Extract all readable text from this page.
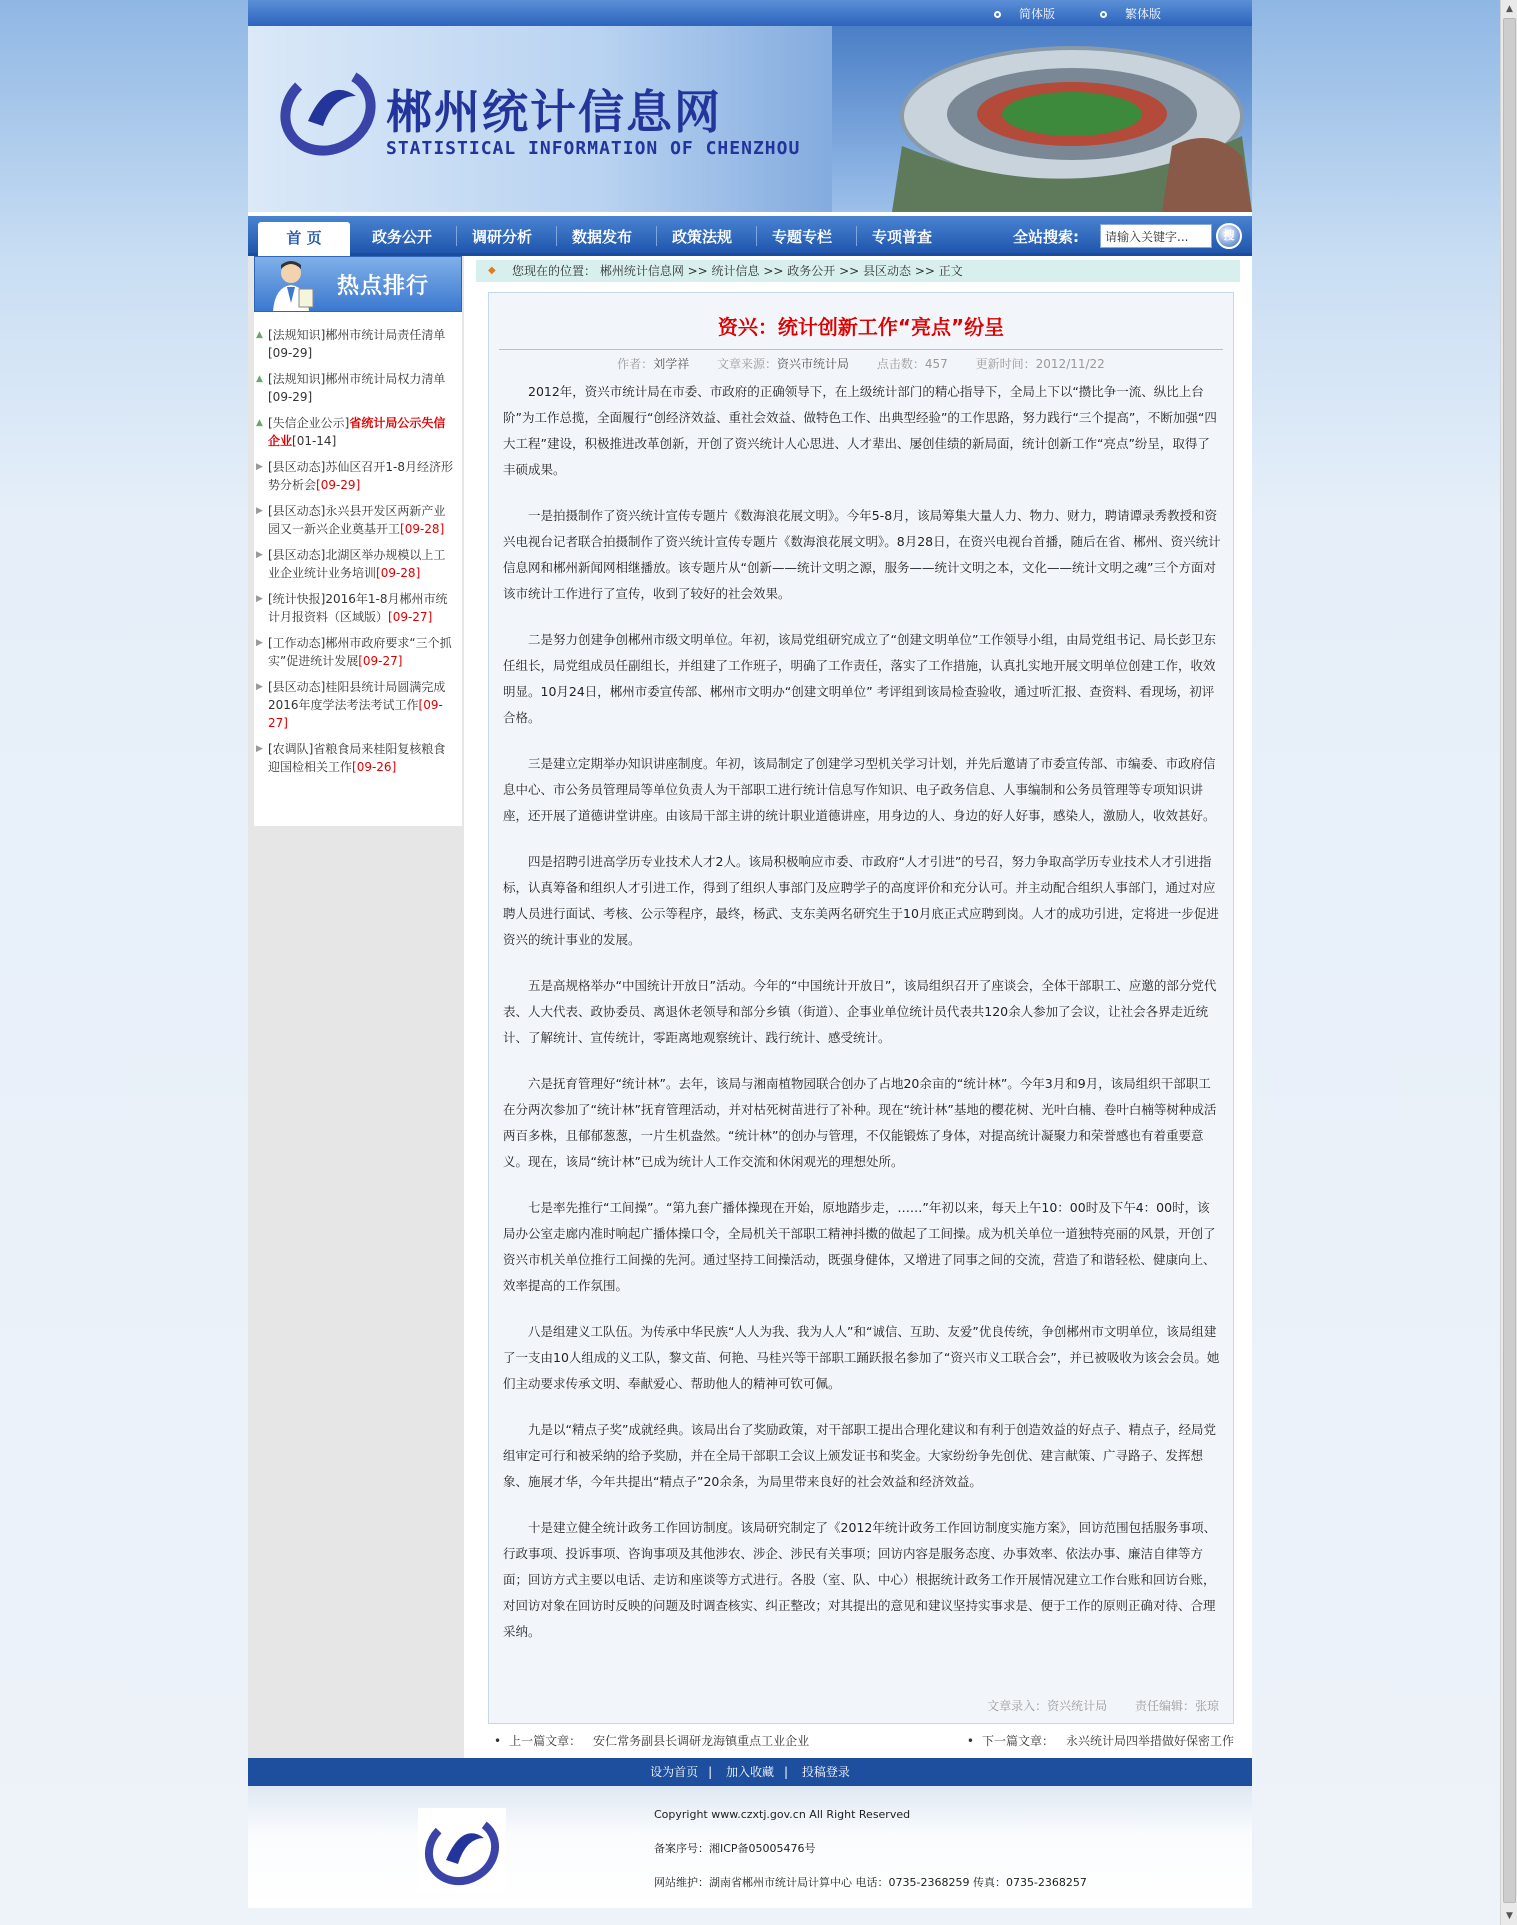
▲
▼
简体版	繁体版
郴州统计信息网
STATISTICAL INFORMATION OF CHENZHOU
首 页	政务公开	调研分析	数据发布	政策法规	专题专栏	专项普查	全站搜索:
请输入关键字...	搜
热点排行
▲ [法规知识]郴州市统计局责任清单[09-29]
▲ [法规知识]郴州市统计局权力清单[09-29]
▲ [失信企业公示]省统计局公示失信企业[01-14]
▶ [县区动态]苏仙区召开1-8月经济形势分析会[09-29]
▶ [县区动态]永兴县开发区两新产业园又一新兴企业奠基开工[09-28]
▶ [县区动态]北湖区举办规模以上工业企业统计业务培训[09-28]
▶ [统计快报]2016年1-8月郴州市统计月报资料（区域版）[09-27]
▶ [工作动态]郴州市政府要求“三个抓实”促进统计发展[09-27]
▶ [县区动态]桂阳县统计局圆满完成2016年度学法考法考试工作[09-27]
▶ [农调队]省粮食局来桂阳复核粮食迎国检相关工作[09-26]
◆ 您现在的位置： 郴州统计信息网 >> 统计信息 >> 政务公开 >> 县区动态 >> 正文
资兴：统计创新工作“亮点”纷呈
作者：刘学祥 文章来源：资兴市统计局 点击数：457 更新时间：2012/11/22

2012年，资兴市统计局在市委、市政府的正确领导下，在上级统计部门的精心指导下，全局上下以“攒比争一流、纵比上台阶”为工作总揽，全面履行“创经济效益、重社会效益、做特色工作、出典型经验”的工作思路，努力践行“三个提高”，不断加强“四大工程”建设，积极推进改革创新，开创了资兴统计人心思进、人才辈出、屡创佳绩的新局面，统计创新工作“亮点”纷呈，取得了丰硕成果。

一是拍摄制作了资兴统计宣传专题片《数海浪花展文明》。今年5-8月，该局筹集大量人力、物力、财力，聘请谭录秀教授和资兴电视台记者联合拍摄制作了资兴统计宣传专题片《数海浪花展文明》。8月28日，在资兴电视台首播，随后在省、郴州、资兴统计信息网和郴州新闻网相继播放。该专题片从“创新——统计文明之源，服务——统计文明之本，文化——统计文明之魂”三个方面对该市统计工作进行了宣传，收到了较好的社会效果。

二是努力创建争创郴州市级文明单位。年初，该局党组研究成立了“创建文明单位”工作领导小组，由局党组书记、局长彭卫东任组长，局党组成员任副组长，并组建了工作班子，明确了工作责任，落实了工作措施，认真扎实地开展文明单位创建工作，收效明显。10月24日，郴州市委宣传部、郴州市文明办“创建文明单位” 考评组到该局检查验收，通过听汇报、查资料、看现场，初评合格。

三是建立定期举办知识讲座制度。年初，该局制定了创建学习型机关学习计划，并先后邀请了市委宣传部、市编委、市政府信息中心、市公务员管理局等单位负责人为干部职工进行统计信息写作知识、电子政务信息、人事编制和公务员管理等专项知识讲座，还开展了道德讲堂讲座。由该局干部主讲的统计职业道德讲座，用身边的人、身边的好人好事，感染人，激励人，收效甚好。

四是招聘引进高学历专业技术人才2人。该局积极响应市委、市政府“人才引进”的号召，努力争取高学历专业技术人才引进指标，认真筹备和组织人才引进工作，得到了组织人事部门及应聘学子的高度评价和充分认可。并主动配合组织人事部门，通过对应聘人员进行面试、考核、公示等程序，最终，杨武、支东美两名研究生于10月底正式应聘到岗。人才的成功引进，定将进一步促进资兴的统计事业的发展。

五是高规格举办“中国统计开放日”活动。今年的“中国统计开放日”，该局组织召开了座谈会，全体干部职工、应邀的部分党代表、人大代表、政协委员、离退休老领导和部分乡镇（街道）、企事业单位统计员代表共120余人参加了会议，让社会各界走近统计、了解统计、宣传统计，零距离地观察统计、践行统计、感受统计。

六是抚育管理好“统计林”。去年，该局与湘南植物园联合创办了占地20余亩的“统计林”。今年3月和9月，该局组织干部职工在分两次参加了“统计林”抚育管理活动，并对枯死树苗进行了补种。现在“统计林”基地的樱花树、光叶白楠、卷叶白楠等树种成活两百多株，且郁郁葱葱，一片生机盎然。“统计林”的创办与管理，不仅能锻炼了身体，对提高统计凝聚力和荣誉感也有着重要意义。现在，该局“统计林”已成为统计人工作交流和休闲观光的理想处所。

七是率先推行“工间操”。“第九套广播体操现在开始，原地踏步走，……”年初以来，每天上午10：00时及下午4：00时，该局办公室走廊内准时响起广播体操口令，全局机关干部职工精神抖擞的做起了工间操。成为机关单位一道独特亮丽的风景，开创了资兴市机关单位推行工间操的先河。通过坚持工间操活动，既强身健体，又增进了同事之间的交流，营造了和谐轻松、健康向上、效率提高的工作氛围。

八是组建义工队伍。为传承中华民族“人人为我、我为人人”和“诚信、互助、友爱”优良传统，争创郴州市文明单位，该局组建了一支由10人组成的义工队，黎文苗、何艳、马桂兴等干部职工踊跃报名参加了“资兴市义工联合会”，并已被吸收为该会会员。她们主动要求传承文明、奉献爱心、帮助他人的精神可钦可佩。

九是以“精点子奖”成就经典。该局出台了奖励政策，对干部职工提出合理化建议和有利于创造效益的好点子、精点子，经局党组审定可行和被采纳的给予奖励，并在全局干部职工会议上颁发证书和奖金。大家纷纷争先创优、建言献策、广寻路子、发挥想象、施展才华，今年共提出“精点子”20余条，为局里带来良好的社会效益和经济效益。

十是建立健全统计政务工作回访制度。该局研究制定了《2012年统计政务工作回访制度实施方案》，回访范围包括服务事项、行政事项、投诉事项、咨询事项及其他涉农、涉企、涉民有关事项；回访内容是服务态度、办事效率、依法办事、廉洁自律等方面；回访方式主要以电话、走访和座谈等方式进行。各股（室、队、中心）根据统计政务工作开展情况建立工作台账和回访台账，对回访对象在回访时反映的问题及时调查核实、纠正整改；对其提出的意见和建议坚持实事求是、便于工作的原则正确对待、合理采纳。

文章录入：资兴统计局 责任编辑：张琼
• 上一篇文章： 安仁常务副县长调研龙海镇重点工业企业	• 下一篇文章： 永兴统计局四举措做好保密工作
设为首页 | 加入收藏 | 投稿登录
Copyright www.czxtj.gov.cn All Right Reserved
备案序号：湘ICP备05005476号
网站维护：湖南省郴州市统计局计算中心 电话：0735-2368259 传真：0735-2368257
